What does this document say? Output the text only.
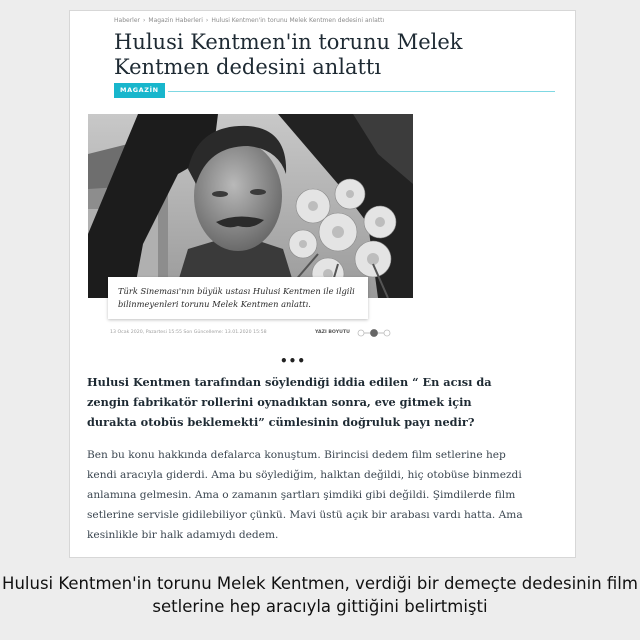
Haberler › Magazin Haberleri › Hulusi Kentmen'in torunu Melek Kentmen dedesini anlattı
Hulusi Kentmen'in torunu Melek Kentmen dedesini anlattı
MAGAZİN
Türk Sineması'nın büyük ustası Hulusi Kentmen ile ilgili bilinmeyenleri torunu Melek Kentmen anlattı.
13 Ocak 2020, Pazartesi 15:55 Son Güncelleme: 13.01.2020 15:58	YAZI BOYUTU
•••

Hulusi Kentmen tarafından söylendiği iddia edilen “ En acısı da zengin fabrikatör rollerini oynadıktan sonra, eve gitmek için durakta otobüs beklemekti” cümlesinin doğruluk payı nedir?

Ben bu konu hakkında defalarca konuştum. Birincisi dedem film setlerine hep kendi aracıyla giderdi. Ama bu söylediğim, halktan değildi, hiç otobüse binmezdi anlamına gelmesin. Ama o zamanın şartları şimdiki gibi değildi. Şimdilerde film setlerine servisle gidilebiliyor çünkü. Mavi üstü açık bir arabası vardı hatta. Ama kesinlikle bir halk adamıydı dedem.

Hulusi Kentmen'in torunu Melek Kentmen, verdiği bir demeçte dedesinin film setlerine hep aracıyla gittiğini belirtmişti
